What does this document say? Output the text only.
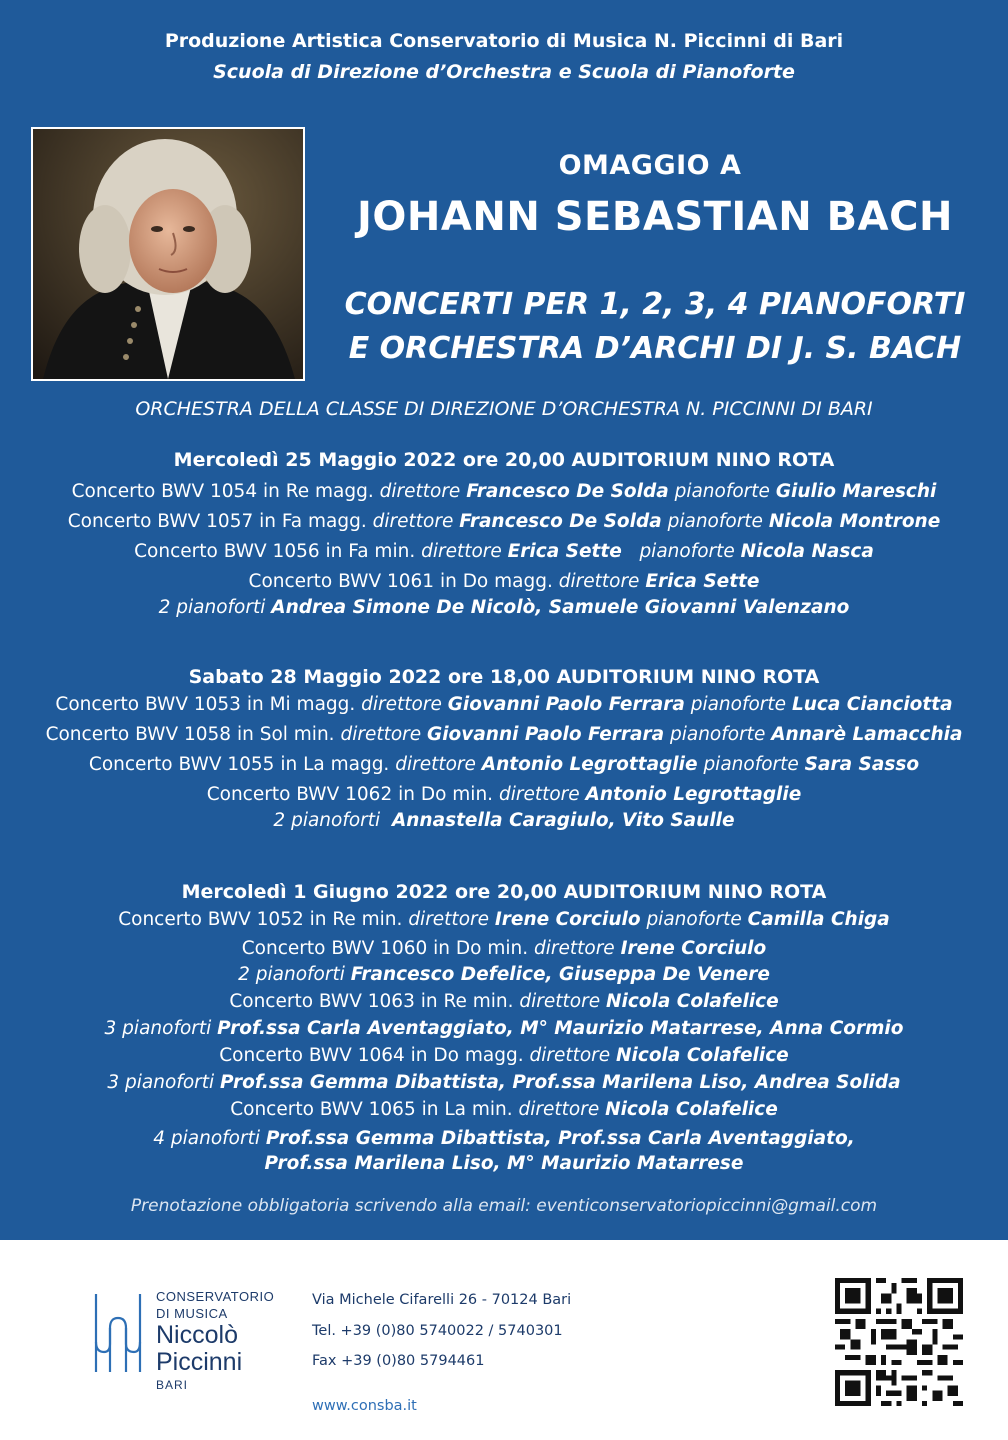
Produzione Artistica Conservatorio di Musica N. Piccinni di Bari
Scuola di Direzione d’Orchestra e Scuola di Pianoforte
OMAGGIO A
JOHANN SEBASTIAN BACH
CONCERTI PER 1, 2, 3, 4 PIANOFORTI
E ORCHESTRA D’ARCHI DI J. S. BACH
ORCHESTRA DELLA CLASSE DI DIREZIONE D’ORCHESTRA N. PICCINNI DI BARI
Mercoledì 25 Maggio 2022 ore 20,00 AUDITORIUM NINO ROTA
Concerto BWV 1054 in Re magg. direttore Francesco De Solda pianoforte Giulio Mareschi
Concerto BWV 1057 in Fa magg. direttore Francesco De Solda pianoforte Nicola Montrone
Concerto BWV 1056 in Fa min. direttore Erica Sette pianoforte Nicola Nasca
Concerto BWV 1061 in Do magg. direttore Erica Sette
2 pianoforti Andrea Simone De Nicolò, Samuele Giovanni Valenzano
Sabato 28 Maggio 2022 ore 18,00 AUDITORIUM NINO ROTA
Concerto BWV 1053 in Mi magg. direttore Giovanni Paolo Ferrara pianoforte Luca Cianciotta
Concerto BWV 1058 in Sol min. direttore Giovanni Paolo Ferrara pianoforte Annarè Lamacchia
Concerto BWV 1055 in La magg. direttore Antonio Legrottaglie pianoforte Sara Sasso
Concerto BWV 1062 in Do min. direttore Antonio Legrottaglie
2 pianoforti Annastella Caragiulo, Vito Saulle
Mercoledì 1 Giugno 2022 ore 20,00 AUDITORIUM NINO ROTA
Concerto BWV 1052 in Re min. direttore Irene Corciulo pianoforte Camilla Chiga
Concerto BWV 1060 in Do min. direttore Irene Corciulo
2 pianoforti Francesco Defelice, Giuseppa De Venere
Concerto BWV 1063 in Re min. direttore Nicola Colafelice
3 pianoforti Prof.ssa Carla Aventaggiato, M° Maurizio Matarrese, Anna Cormio
Concerto BWV 1064 in Do magg. direttore Nicola Colafelice
3 pianoforti Prof.ssa Gemma Dibattista, Prof.ssa Marilena Liso, Andrea Solida
Concerto BWV 1065 in La min. direttore Nicola Colafelice
4 pianoforti Prof.ssa Gemma Dibattista, Prof.ssa Carla Aventaggiato,
Prof.ssa Marilena Liso, M° Maurizio Matarrese
Prenotazione obbligatoria scrivendo alla email: eventiconservatoriopiccinni@gmail.com
CONSERVATORIO
DI MUSICA
Niccolò
Piccinni
BARI
Via Michele Cifarelli 26 - 70124 Bari
Tel. +39 (0)80 5740022 / 5740301
Fax +39 (0)80 5794461
www.consba.it
